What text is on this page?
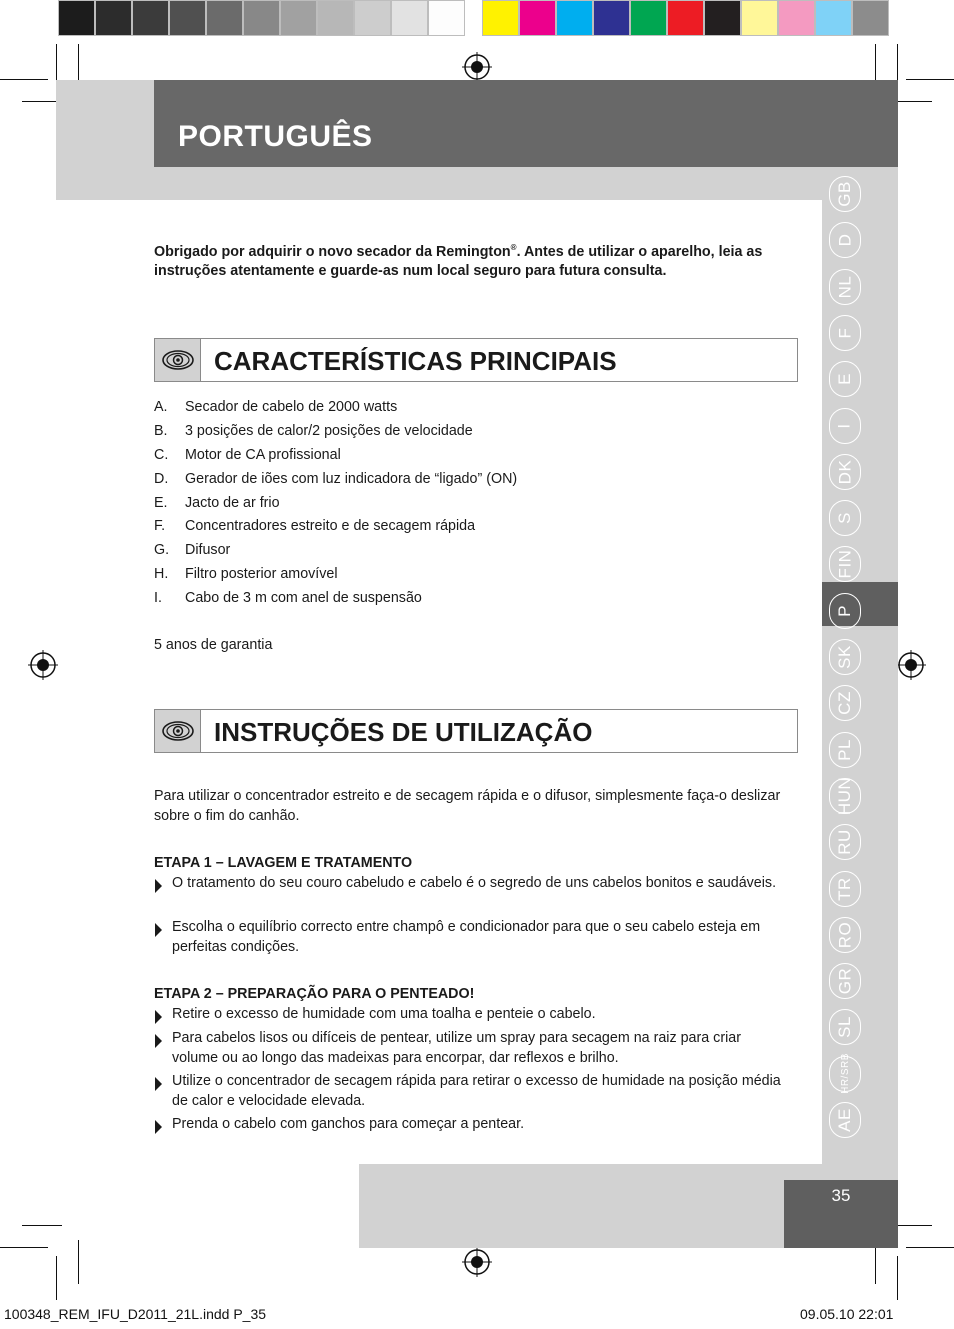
PORTUGUÊS
GB
D
NL
F
E
I
DK
S
FIN
P
SK
CZ
PL
HUN
RU
TR
RO
GR
SL
HR/SRB
AE
Obrigado por adquirir o novo secador da Remington®. Antes de utilizar o aparelho, leia as instruções atentamente e guarde-as num local seguro para futura consulta.
CARACTERÍSTICAS PRINCIPAIS
A.	Secador de cabelo de 2000 watts
B.	3 posições de calor/2 posições de velocidade
C.	Motor de CA profissional
D.	Gerador de iões com luz indicadora de “ligado” (ON)
E.	Jacto de ar frio
F.	Concentradores estreito e de secagem rápida
G.	Difusor
H.	Filtro posterior amovível
I.	Cabo de 3 m com anel de suspensão
5 anos de garantia
INSTRUÇÕES DE UTILIZAÇÃO
Para utilizar o concentrador estreito e de secagem rápida e o difusor, simplesmente faça-o deslizar sobre o fim do canhão.
ETAPA 1 – LAVAGEM E TRATAMENTO
O tratamento do seu couro cabeludo e cabelo é o segredo de uns cabelos bonitos e saudáveis.
Escolha o equilíbrio correcto entre champô e condicionador para que o seu cabelo esteja em perfeitas condições.
ETAPA 2 – PREPARAÇÃO PARA O PENTEADO!
Retire o excesso de humidade com uma toalha e penteie o cabelo.
Para cabelos lisos ou difíceis de pentear, utilize um spray para secagem na raiz para criar volume ou ao longo das madeixas para encorpar, dar reflexos e brilho.
Utilize o concentrador de secagem rápida para retirar o excesso de humidade na posição média de calor e velocidade elevada.
Prenda o cabelo com ganchos para começar a pentear.
35
100348_REM_IFU_D2011_21L.indd P_35	09.05.10 22:01
